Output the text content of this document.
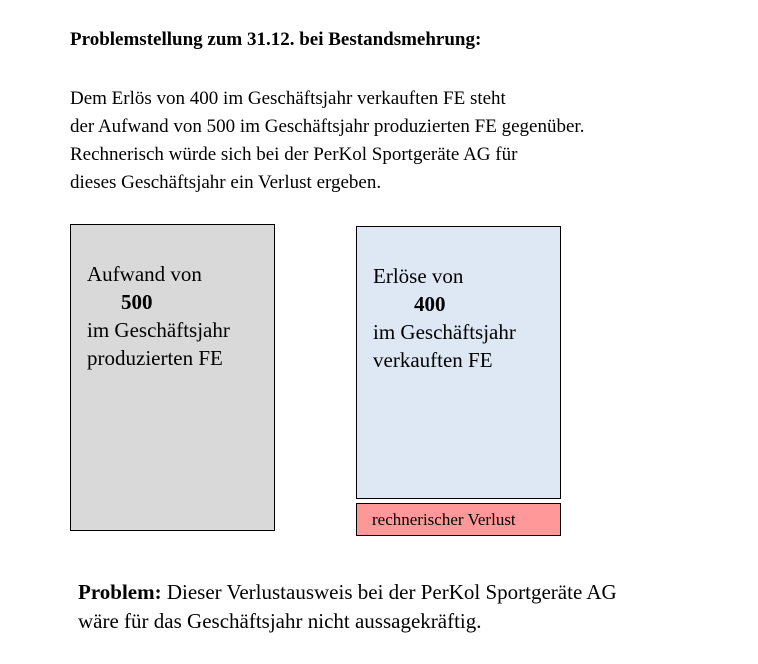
Problemstellung zum 31.12. bei Bestandsmehrung:
Dem Erlös von 400 im Geschäftsjahr verkauften FE steht
der Aufwand von 500 im Geschäftsjahr produzierten FE gegenüber.
Rechnerisch würde sich bei der PerKol Sportgeräte AG für
dieses Geschäftsjahr ein Verlust ergeben.
Aufwand von
500
im Geschäftsjahr
produzierten FE
Erlöse von
400
im Geschäftsjahr
verkauften FE
rechnerischer Verlust
Problem: Dieser Verlustausweis bei der PerKol Sportgeräte AG
wäre für das Geschäftsjahr nicht aussagekräftig.
